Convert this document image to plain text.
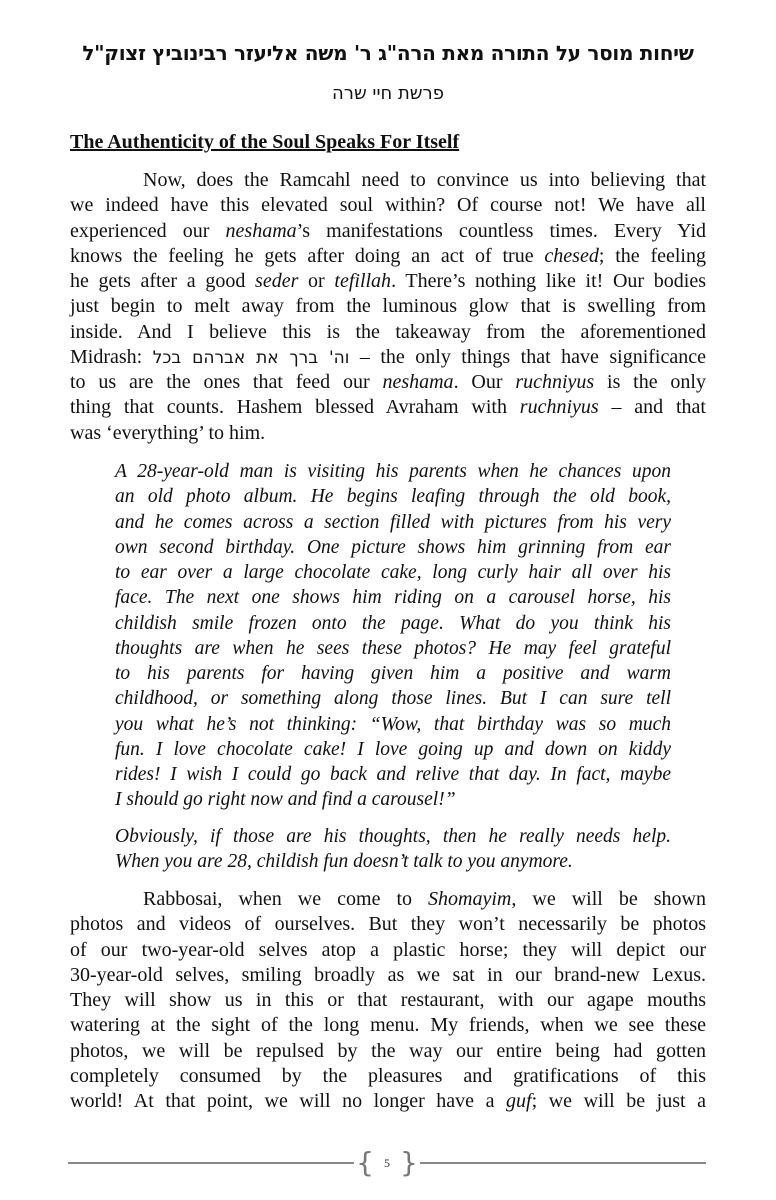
שיחות מוסר על התורה מאת הרה"ג ר' משה אליעזר רבינוביץ זצוק"ל
פרשת חיי שרה
The Authenticity of the Soul Speaks For Itself
Now, does the Ramcahl need to convince us into believing that
we indeed have this elevated soul within? Of course not! We have all
experienced our neshama’s manifestations countless times. Every Yid
knows the feeling he gets after doing an act of true chesed; the feeling
he gets after a good seder or tefillah. There’s nothing like it! Our bodies
just begin to melt away from the luminous glow that is swelling from
inside. And I believe this is the takeaway from the aforementioned
Midrash: וה' ברך את אברהם בכל – the only things that have significance
to us are the ones that feed our neshama. Our ruchniyus is the only
thing that counts. Hashem blessed Avraham with ruchniyus – and that
was ‘everything’ to him.
A 28-year-old man is visiting his parents when he chances upon
an old photo album. He begins leafing through the old book,
and he comes across a section filled with pictures from his very
own second birthday. One picture shows him grinning from ear
to ear over a large chocolate cake, long curly hair all over his
face. The next one shows him riding on a carousel horse, his
childish smile frozen onto the page. What do you think his
thoughts are when he sees these photos? He may feel grateful
to his parents for having given him a positive and warm
childhood, or something along those lines. But I can sure tell
you what he’s not thinking: “Wow, that birthday was so much
fun. I love chocolate cake! I love going up and down on kiddy
rides! I wish I could go back and relive that day. In fact, maybe
I should go right now and find a carousel!”
Obviously, if those are his thoughts, then he really needs help.
When you are 28, childish fun doesn’t talk to you anymore.
Rabbosai, when we come to Shomayim, we will be shown
photos and videos of ourselves. But they won’t necessarily be photos
of our two-year-old selves atop a plastic horse; they will depict our
30-year-old selves, smiling broadly as we sat in our brand-new Lexus.
They will show us in this or that restaurant, with our agape mouths
watering at the sight of the long menu. My friends, when we see these
photos, we will be repulsed by the way our entire being had gotten
completely consumed by the pleasures and gratifications of this
world! At that point, we will no longer have a guf; we will be just a
{ 5 }
